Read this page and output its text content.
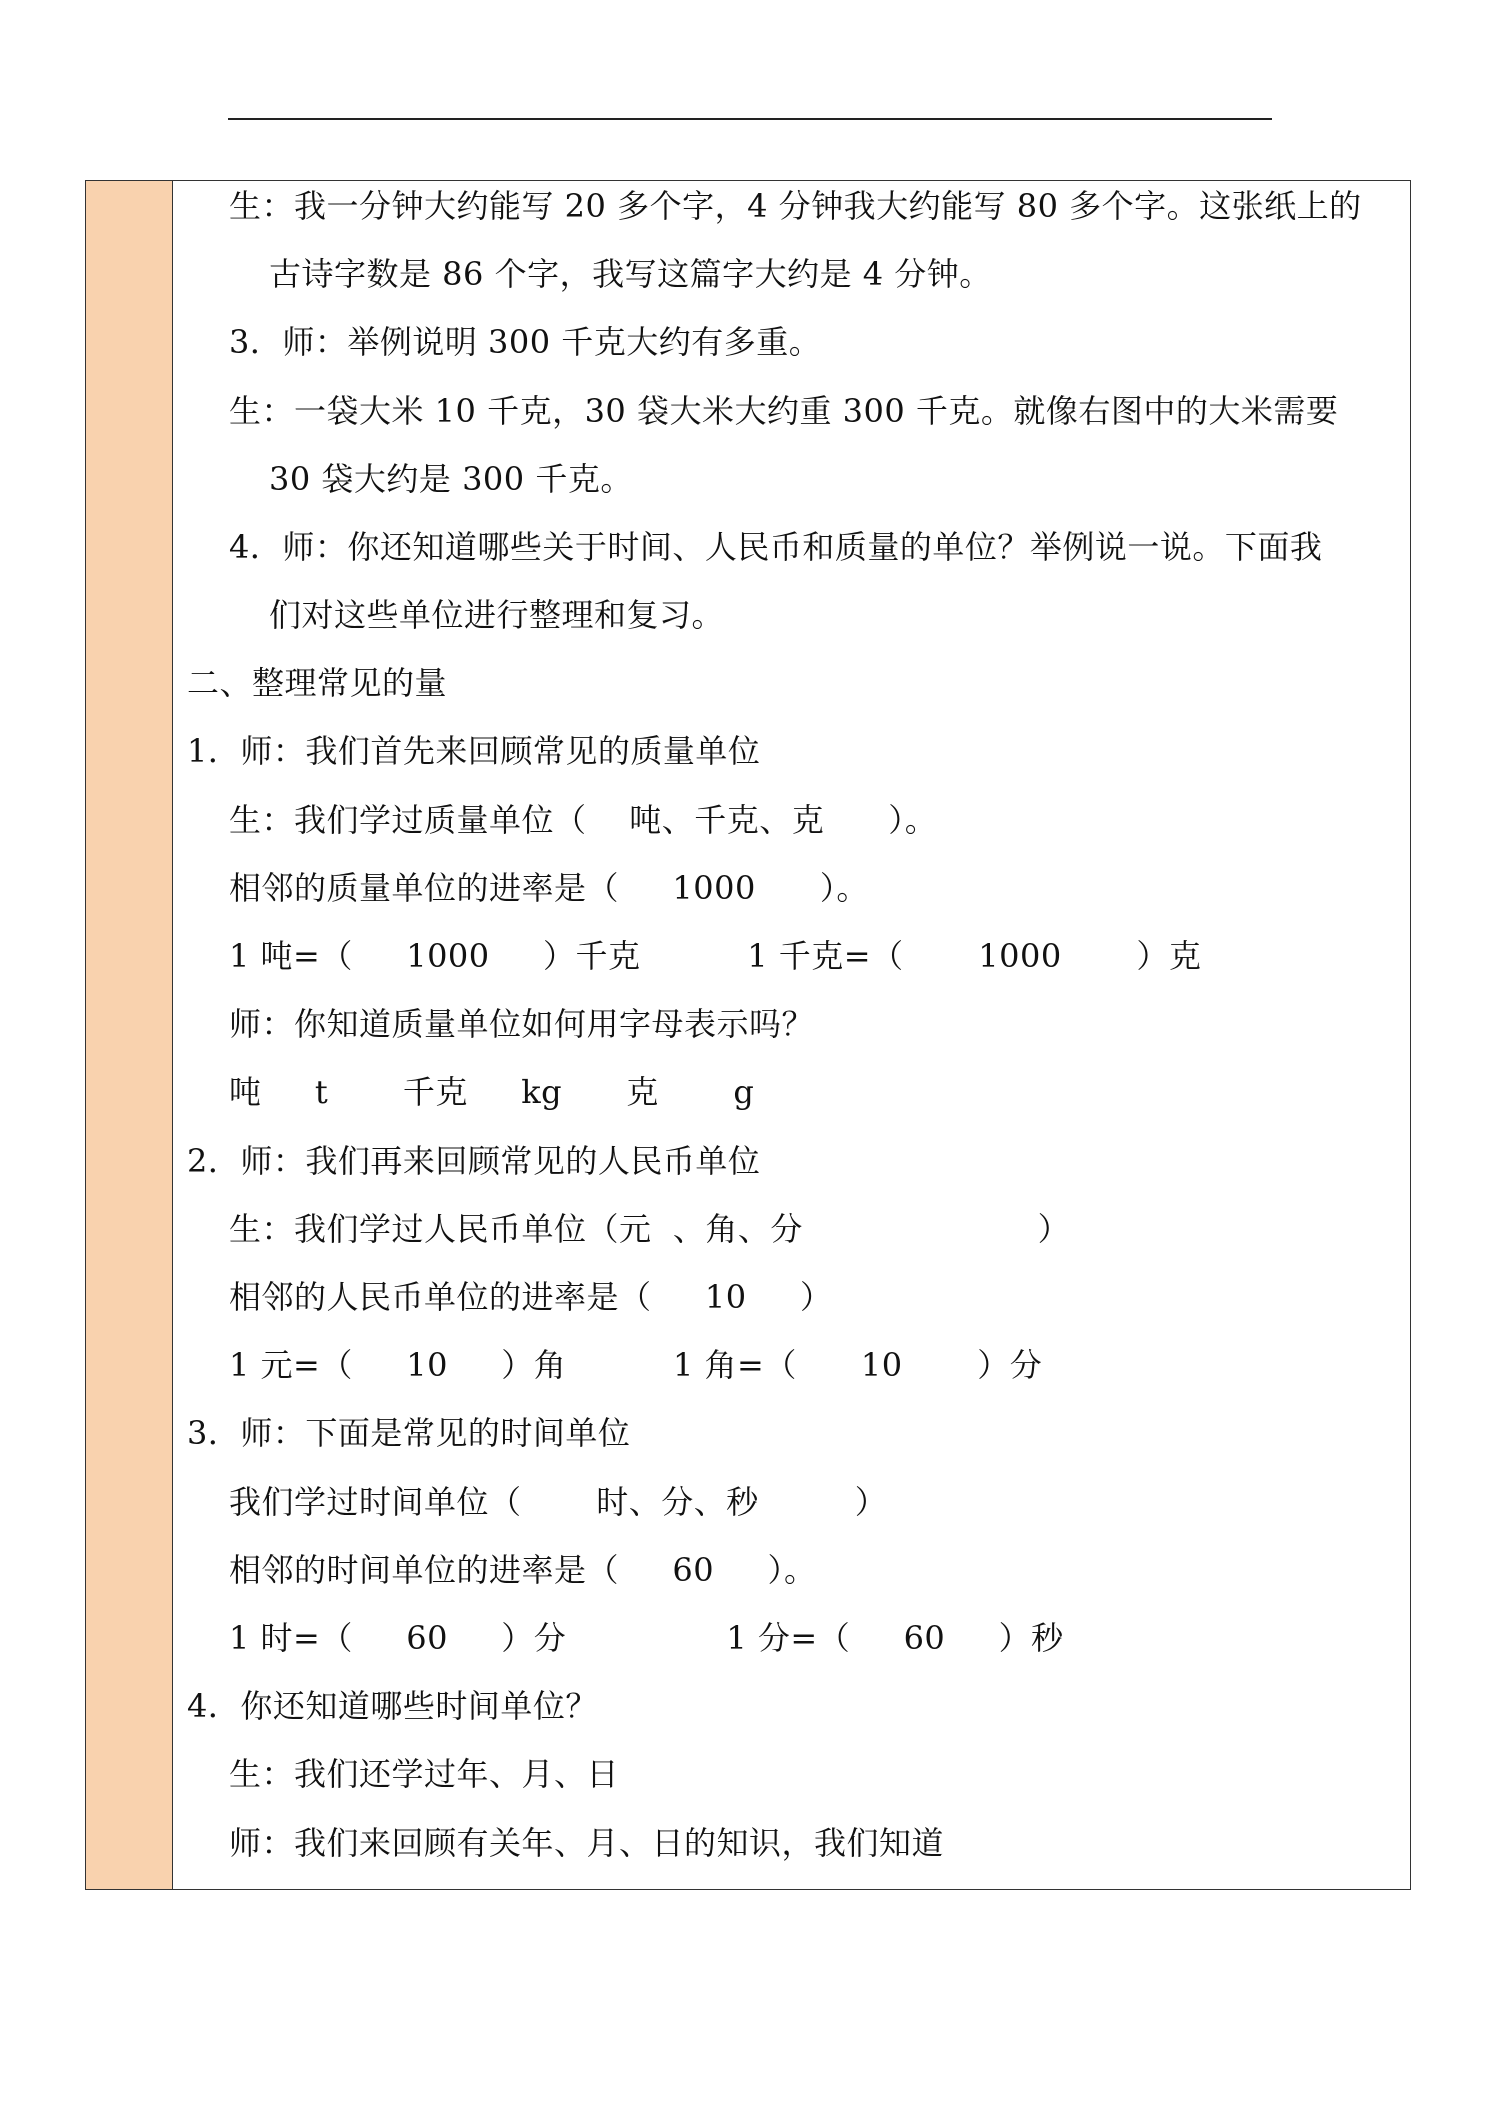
生：我一分钟大约能写 20 多个字，4 分钟我大约能写 80 多个字。这张纸上的
古诗字数是 86 个字，我写这篇字大约是 4 分钟。
3．师：举例说明 300 千克大约有多重。
生：一袋大米 10 千克，30 袋大米大约重 300 千克。就像右图中的大米需要
30 袋大约是 300 千克。
4．师：你还知道哪些关于时间、人民币和质量的单位？举例说一说。下面我
们对这些单位进行整理和复习。
二、整理常见的量
1．师：我们首先来回顾常见的质量单位
生：我们学过质量单位（    吨、千克、克      ）。
相邻的质量单位的进率是（     1000      ）。
1 吨=（     1000     ）千克          1 千克=（       1000       ）克
师：你知道质量单位如何用字母表示吗？
吨     t       千克     kg      克       g
2．师：我们再来回顾常见的人民币单位
生：我们学过人民币单位（元  、角、分                      ）
相邻的人民币单位的进率是（     10     ）
1 元=（     10     ）角          1 角=（      10       ）分
3．师：下面是常见的时间单位
我们学过时间单位（       时、分、秒         ）
相邻的时间单位的进率是（     60     ）。
1 时=（     60     ）分               1 分=（     60     ）秒
4．你还知道哪些时间单位？
生：我们还学过年、月、日
师：我们来回顾有关年、月、日的知识，我们知道
